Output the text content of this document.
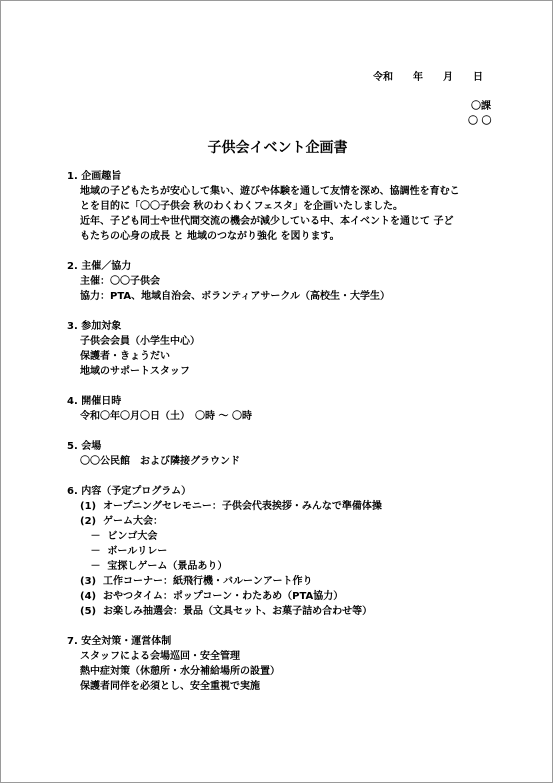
令和　　年　　月　　日
〇課
〇 〇
子供会イベント企画書
1. 企画趣旨
地域の子どもたちが安心して集い、遊びや体験を通して友情を深め、協調性を育むこ
とを目的に「〇〇子供会 秋のわくわくフェスタ」を企画いたしました。
近年、子ども同士や世代間交流の機会が減少している中、本イベントを通じて 子ど
もたちの心身の成長 と 地域のつながり強化 を図ります。
2. 主催／協力
主催：〇〇子供会
協力：PTA、地域自治会、ボランティアサークル（高校生・大学生）
3. 参加対象
子供会会員（小学生中心）
保護者・きょうだい
地域のサポートスタッフ
4. 開催日時
令和〇年〇月〇日（土）　〇時 ～ 〇時
5. 会場
〇〇公民館　および隣接グラウンド
6. 内容（予定プログラム）
(1)  オープニングセレモニー：子供会代表挨拶・みんなで準備体操
(2)  ゲーム大会：
－  ビンゴ大会
－  ボールリレー
－  宝探しゲーム（景品あり）
(3)  工作コーナー：紙飛行機・バルーンアート作り
(4)  おやつタイム：ポップコーン・わたあめ（PTA協力）
(5)  お楽しみ抽選会：景品（文具セット、お菓子詰め合わせ等）
7. 安全対策・運営体制
スタッフによる会場巡回・安全管理
熱中症対策（休憩所・水分補給場所の設置）
保護者同伴を必須とし、安全重視で実施
